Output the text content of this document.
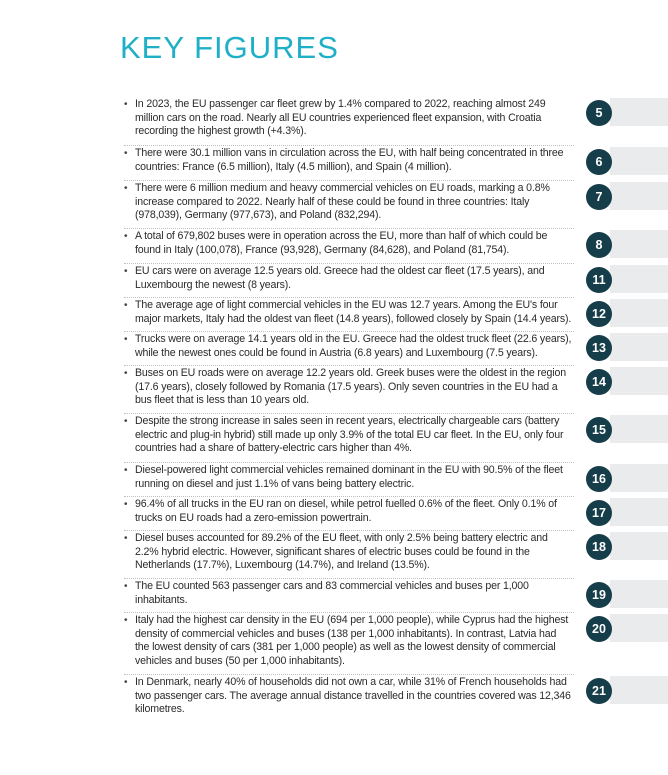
KEY FIGURES
• In 2023, the EU passenger car fleet grew by 1.4% compared to 2022, reaching almost 249 million cars on the road. Nearly all EU countries experienced fleet expansion, with Croatia recording the highest growth (+4.3%).
5
• There were 30.1 million vans in circulation across the EU, with half being concentrated in three countries: France (6.5 million), Italy (4.5 million), and Spain (4 million).	6
• There were 6 million medium and heavy commercial vehicles on EU roads, marking a 0.8% increase compared to 2022. Nearly half of these could be found in three countries: Italy (978,039), Germany (977,673), and Poland (832,294).
7
• A total of 679,802 buses were in operation across the EU, more than half of which could be found in Italy (100,078), France (93,928), Germany (84,628), and Poland (81,754).	8
• EU cars were on average 12.5 years old. Greece had the oldest car fleet (17.5 years), and Luxembourg the newest (8 years).	11
• The average age of light commercial vehicles in the EU was 12.7 years. Among the EU's four major markets, Italy had the oldest van fleet (14.8 years), followed closely by Spain (14.4 years).	12
• Trucks were on average 14.1 years old in the EU. Greece had the oldest truck fleet (22.6 years), while the newest ones could be found in Austria (6.8 years) and Luxembourg (7.5 years).	13
• Buses on EU roads were on average 12.2 years old. Greek buses were the oldest in the region (17.6 years), closely followed by Romania (17.5 years). Only seven countries in the EU had a bus fleet that is less than 10 years old.
14
• Despite the strong increase in sales seen in recent years, electrically chargeable cars (battery electric and plug-in hybrid) still made up only 3.9% of the total EU car fleet. In the EU, only four countries had a share of battery-electric cars higher than 4%.
15
• Diesel-powered light commercial vehicles remained dominant in the EU with 90.5% of the fleet running on diesel and just 1.1% of vans being battery electric.	16
• 96.4% of all trucks in the EU ran on diesel, while petrol fuelled 0.6% of the fleet. Only 0.1% of trucks on EU roads had a zero-emission powertrain.	17
• Diesel buses accounted for 89.2% of the EU fleet, with only 2.5% being battery electric and 2.2% hybrid electric. However, significant shares of electric buses could be found in the Netherlands (17.7%), Luxembourg (14.7%), and Ireland (13.5%).
18
• The EU counted 563 passenger cars and 83 commercial vehicles and buses per 1,000 inhabitants.	19
• Italy had the highest car density in the EU (694 per 1,000 people), while Cyprus had the highest density of commercial vehicles and buses (138 per 1,000 inhabitants). In contrast, Latvia had the lowest density of cars (381 per 1,000 people) as well as the lowest density of commercial vehicles and buses (50 per 1,000 inhabitants).
20
• In Denmark, nearly 40% of households did not own a car, while 31% of French households had two passenger cars. The average annual distance travelled in the countries covered was 12,346 kilometres.
21
